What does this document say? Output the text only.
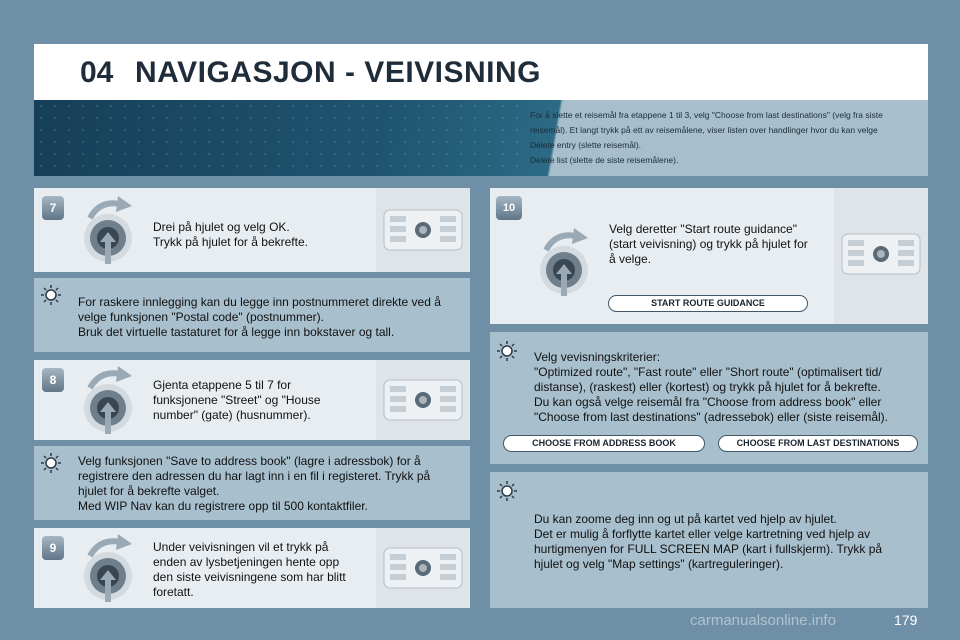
04 NAVIGASJON - VEIVISNING
For å slette et reisemål fra etappene 1 til 3, velg "Choose from last destinations" (velg fra siste reisemål). Et langt trykk på ett av reisemålene, viser listen over handlinger hvor du kan velge
Delete entry (slette reisemål).
Delete list (slette de siste reisemålene).
7
Drei på hjulet og velg OK.
Trykk på hjulet for å bekrefte.
For raskere innlegging kan du legge inn postnummeret direkte ved å
velge funksjonen "Postal code" (postnummer).
Bruk det virtuelle tastaturet for å legge inn bokstaver og tall.
8	Gjenta etappene 5 til 7 for
funksjonene "Street" og "House
number" (gate) (husnummer).
Velg funksjonen "Save to address book" (lagre i adressbok) for å
registrere den adressen du har lagt inn i en fil i registeret. Trykk på
hjulet for å bekrefte valget.
Med WIP Nav kan du registrere opp til 500 kontaktfiler.
9	Under veivisningen vil et trykk på
enden av lysbetjeningen hente opp
den siste veivisningene som har blitt
foretatt.
10
Velg deretter "Start route guidance"
(start veivisning) og trykk på hjulet for
å velge.
START ROUTE GUIDANCE
Velg vevisningskriterier:
"Optimized route", "Fast route" eller "Short route" (optimalisert tid/
distanse), (raskest) eller (kortest) og trykk på hjulet for å bekrefte.
Du kan også velge reisemål fra "Choose from address book" eller
"Choose from last destinations" (adressebok) eller (siste reisemål).
CHOOSE FROM ADDRESS BOOK	CHOOSE FROM LAST DESTINATIONS
Du kan zoome deg inn og ut på kartet ved hjelp av hjulet.
Det er mulig å forflytte kartet eller velge kartretning ved hjelp av
hurtigmenyen for FULL SCREEN MAP (kart i fullskjerm). Trykk på
hjulet og velg "Map settings" (kartreguleringer).
carmanualsonline.info	179
